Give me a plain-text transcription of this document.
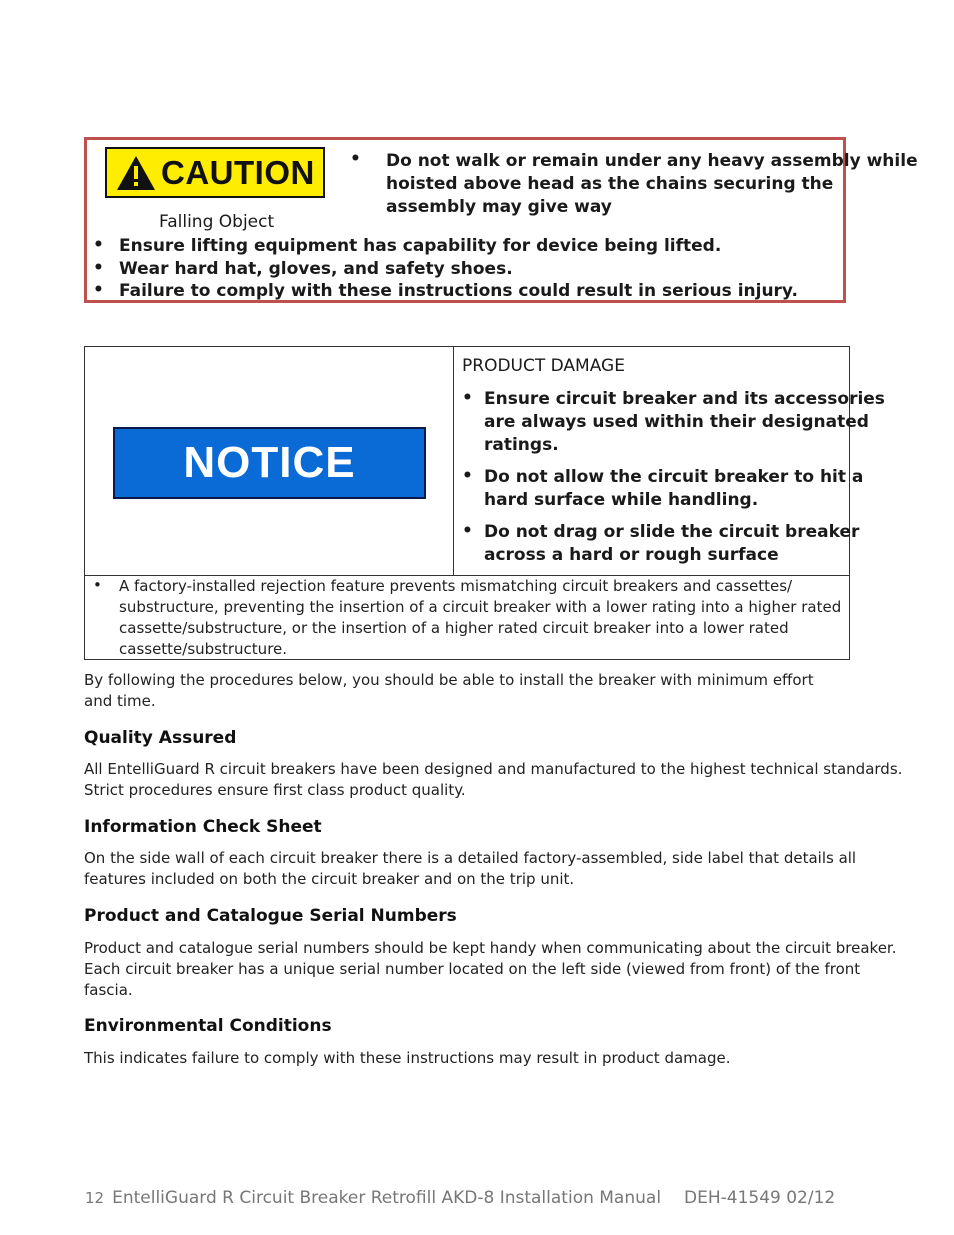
CAUTION
Falling Object
• Do not walk or remain under any heavy assembly while
hoisted above head as the chains securing the
assembly may give way
• Ensure lifting equipment has capability for device being lifted.
• Wear hard hat, gloves, and safety shoes.
• Failure to comply with these instructions could result in serious injury.
NOTICE
PRODUCT DAMAGE
• Ensure circuit breaker and its accessories
are always used within their designated
ratings.
• Do not allow the circuit breaker to hit a
hard surface while handling.
• Do not drag or slide the circuit breaker
across a hard or rough surface
• A factory-installed rejection feature prevents mismatching circuit breakers and cassettes/
substructure, preventing the insertion of a circuit breaker with a lower rating into a higher rated
cassette/substructure, or the insertion of a higher rated circuit breaker into a lower rated
cassette/substructure.
By following the procedures below, you should be able to install the breaker with minimum effort
and time.
Quality Assured
All EntelliGuard R circuit breakers have been designed and manufactured to the highest technical standards.
Strict procedures ensure first class product quality.
Information Check Sheet
On the side wall of each circuit breaker there is a detailed factory-assembled, side label that details all
features included on both the circuit breaker and on the trip unit.
Product and Catalogue Serial Numbers
Product and catalogue serial numbers should be kept handy when communicating about the circuit breaker.
Each circuit breaker has a unique serial number located on the left side (viewed from front) of the front
fascia.
Environmental Conditions
This indicates failure to comply with these instructions may result in product damage.
12 EntelliGuard R Circuit Breaker Retrofill AKD-8 Installation Manual DEH-41549 02/12
